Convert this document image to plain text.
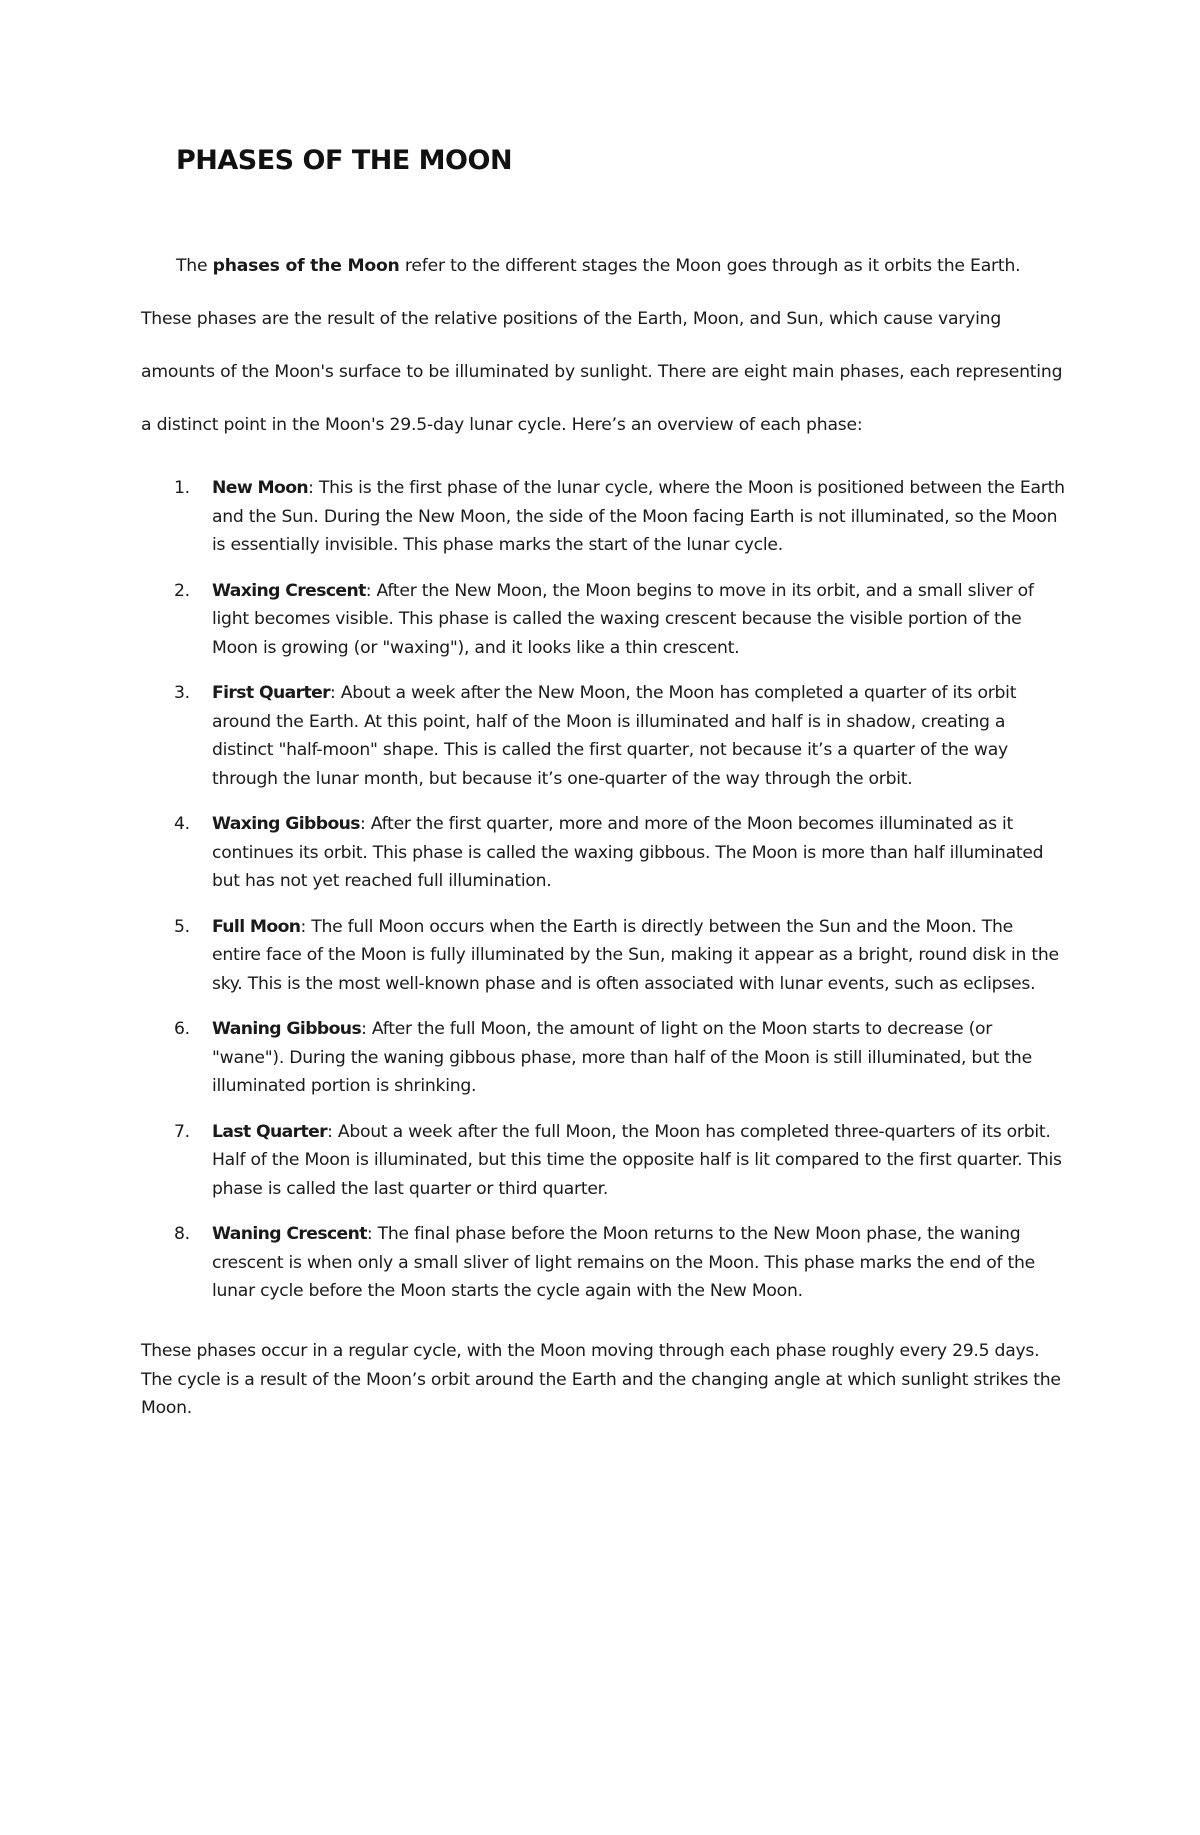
PHASES OF THE MOON

The phases of the Moon refer to the different stages the Moon goes through as it orbits the Earth. These phases are the result of the relative positions of the Earth, Moon, and Sun, which cause varying amounts of the Moon's surface to be illuminated by sunlight. There are eight main phases, each representing a distinct point in the Moon's 29.5-day lunar cycle. Here’s an overview of each phase:

1. New Moon: This is the first phase of the lunar cycle, where the Moon is positioned between the Earth and the Sun. During the New Moon, the side of the Moon facing Earth is not illuminated, so the Moon is essentially invisible. This phase marks the start of the lunar cycle.
2. Waxing Crescent: After the New Moon, the Moon begins to move in its orbit, and a small sliver of light becomes visible. This phase is called the waxing crescent because the visible portion of the Moon is growing (or "waxing"), and it looks like a thin crescent.
3. First Quarter: About a week after the New Moon, the Moon has completed a quarter of its orbit around the Earth. At this point, half of the Moon is illuminated and half is in shadow, creating a distinct "half-moon" shape. This is called the first quarter, not because it’s a quarter of the way through the lunar month, but because it’s one-quarter of the way through the orbit.
4. Waxing Gibbous: After the first quarter, more and more of the Moon becomes illuminated as it continues its orbit. This phase is called the waxing gibbous. The Moon is more than half illuminated but has not yet reached full illumination.
5. Full Moon: The full Moon occurs when the Earth is directly between the Sun and the Moon. The entire face of the Moon is fully illuminated by the Sun, making it appear as a bright, round disk in the sky. This is the most well-known phase and is often associated with lunar events, such as eclipses.
6. Waning Gibbous: After the full Moon, the amount of light on the Moon starts to decrease (or "wane"). During the waning gibbous phase, more than half of the Moon is still illuminated, but the illuminated portion is shrinking.
7. Last Quarter: About a week after the full Moon, the Moon has completed three-quarters of its orbit. Half of the Moon is illuminated, but this time the opposite half is lit compared to the first quarter. This phase is called the last quarter or third quarter.
8. Waning Crescent: The final phase before the Moon returns to the New Moon phase, the waning crescent is when only a small sliver of light remains on the Moon. This phase marks the end of the lunar cycle before the Moon starts the cycle again with the New Moon.

These phases occur in a regular cycle, with the Moon moving through each phase roughly every 29.5 days. The cycle is a result of the Moon’s orbit around the Earth and the changing angle at which sunlight strikes the Moon.
